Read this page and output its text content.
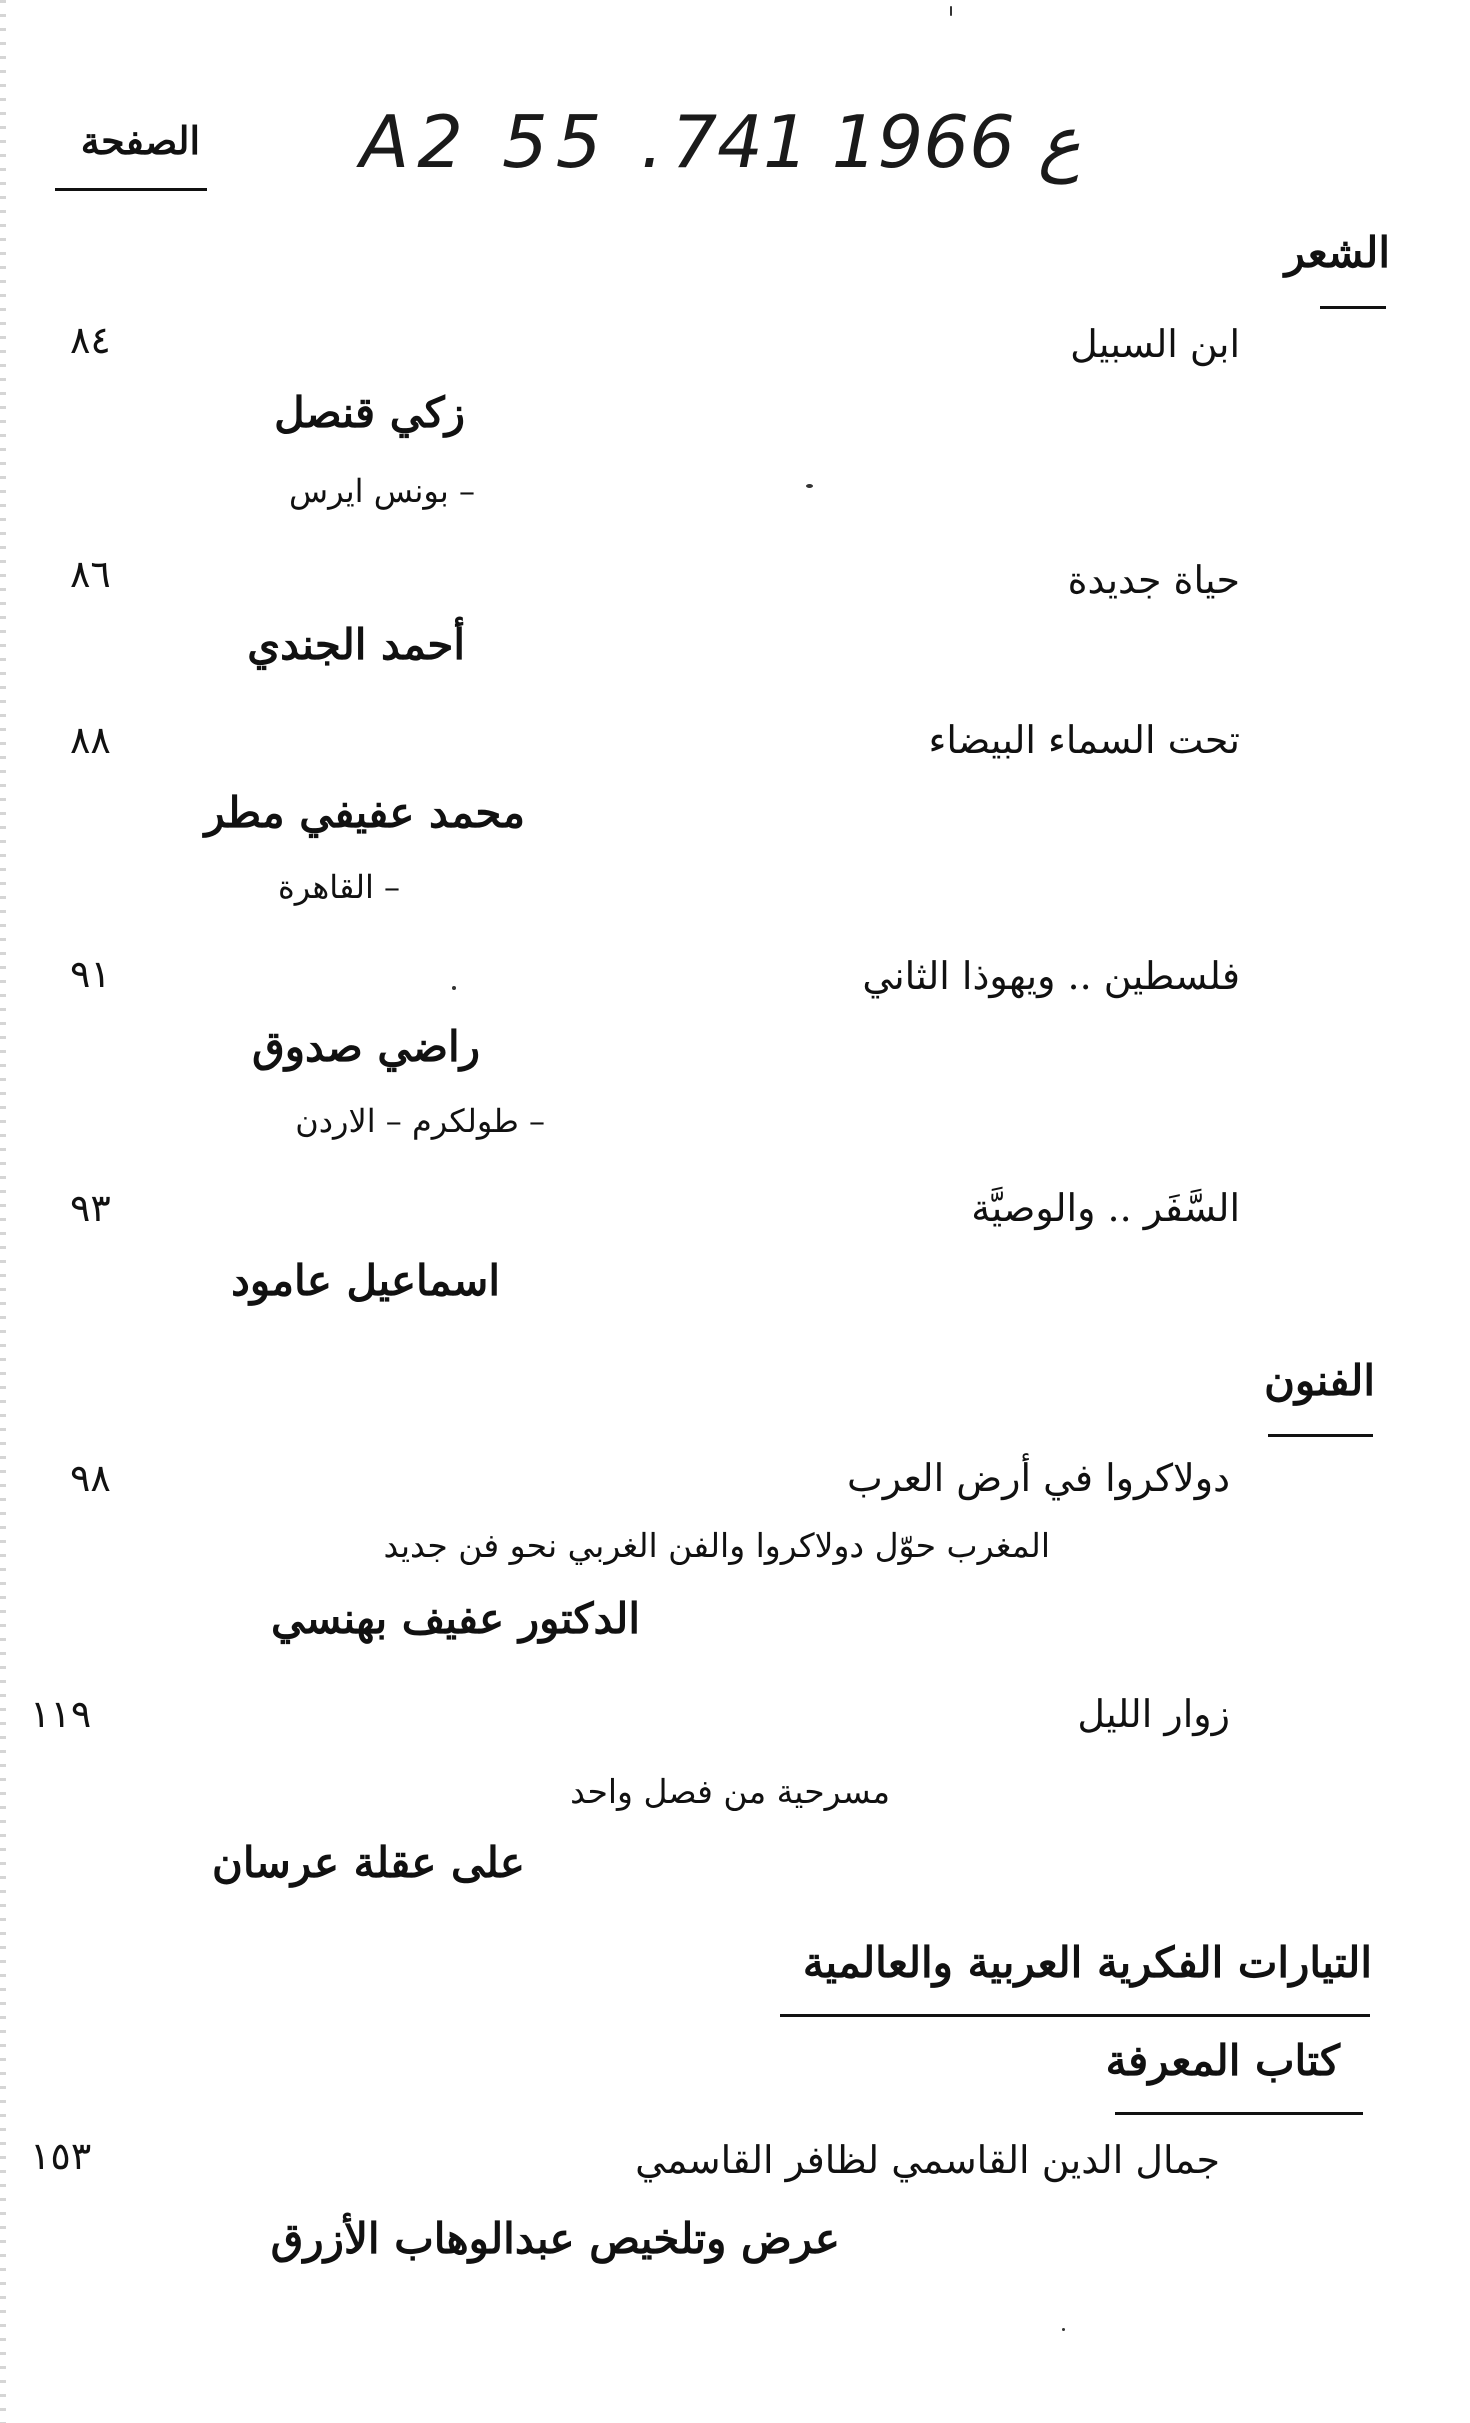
الصفحة A2 55 .ع 1966 741
الشعر
ابن السبيل
٨٤
زكي قنصل
– بونس ايرس
حياة جديدة
٨٦
أحمد الجندي
تحت السماء البيضاء
٨٨
محمد عفيفي مطر
– القاهرة
فلسطين .. ويهوذا الثاني
٩١
راضي صدوق
– طولكرم – الاردن
السَّفَر .. والوصيَّة
٩٣
اسماعيل عامود
الفنون
دولاكروا في أرض العرب
٩٨
المغرب حوّل دولاكروا والفن الغربي نحو فن جديد
الدكتور عفيف بهنسي
زوار الليل
١١٩
مسرحية من فصل واحد
على عقلة عرسان
التيارات الفكرية العربية والعالمية
كتاب المعرفة
جمال الدين القاسمي لظافر القاسمي
١٥٣
عرض وتلخيص عبدالوهاب الأزرق
